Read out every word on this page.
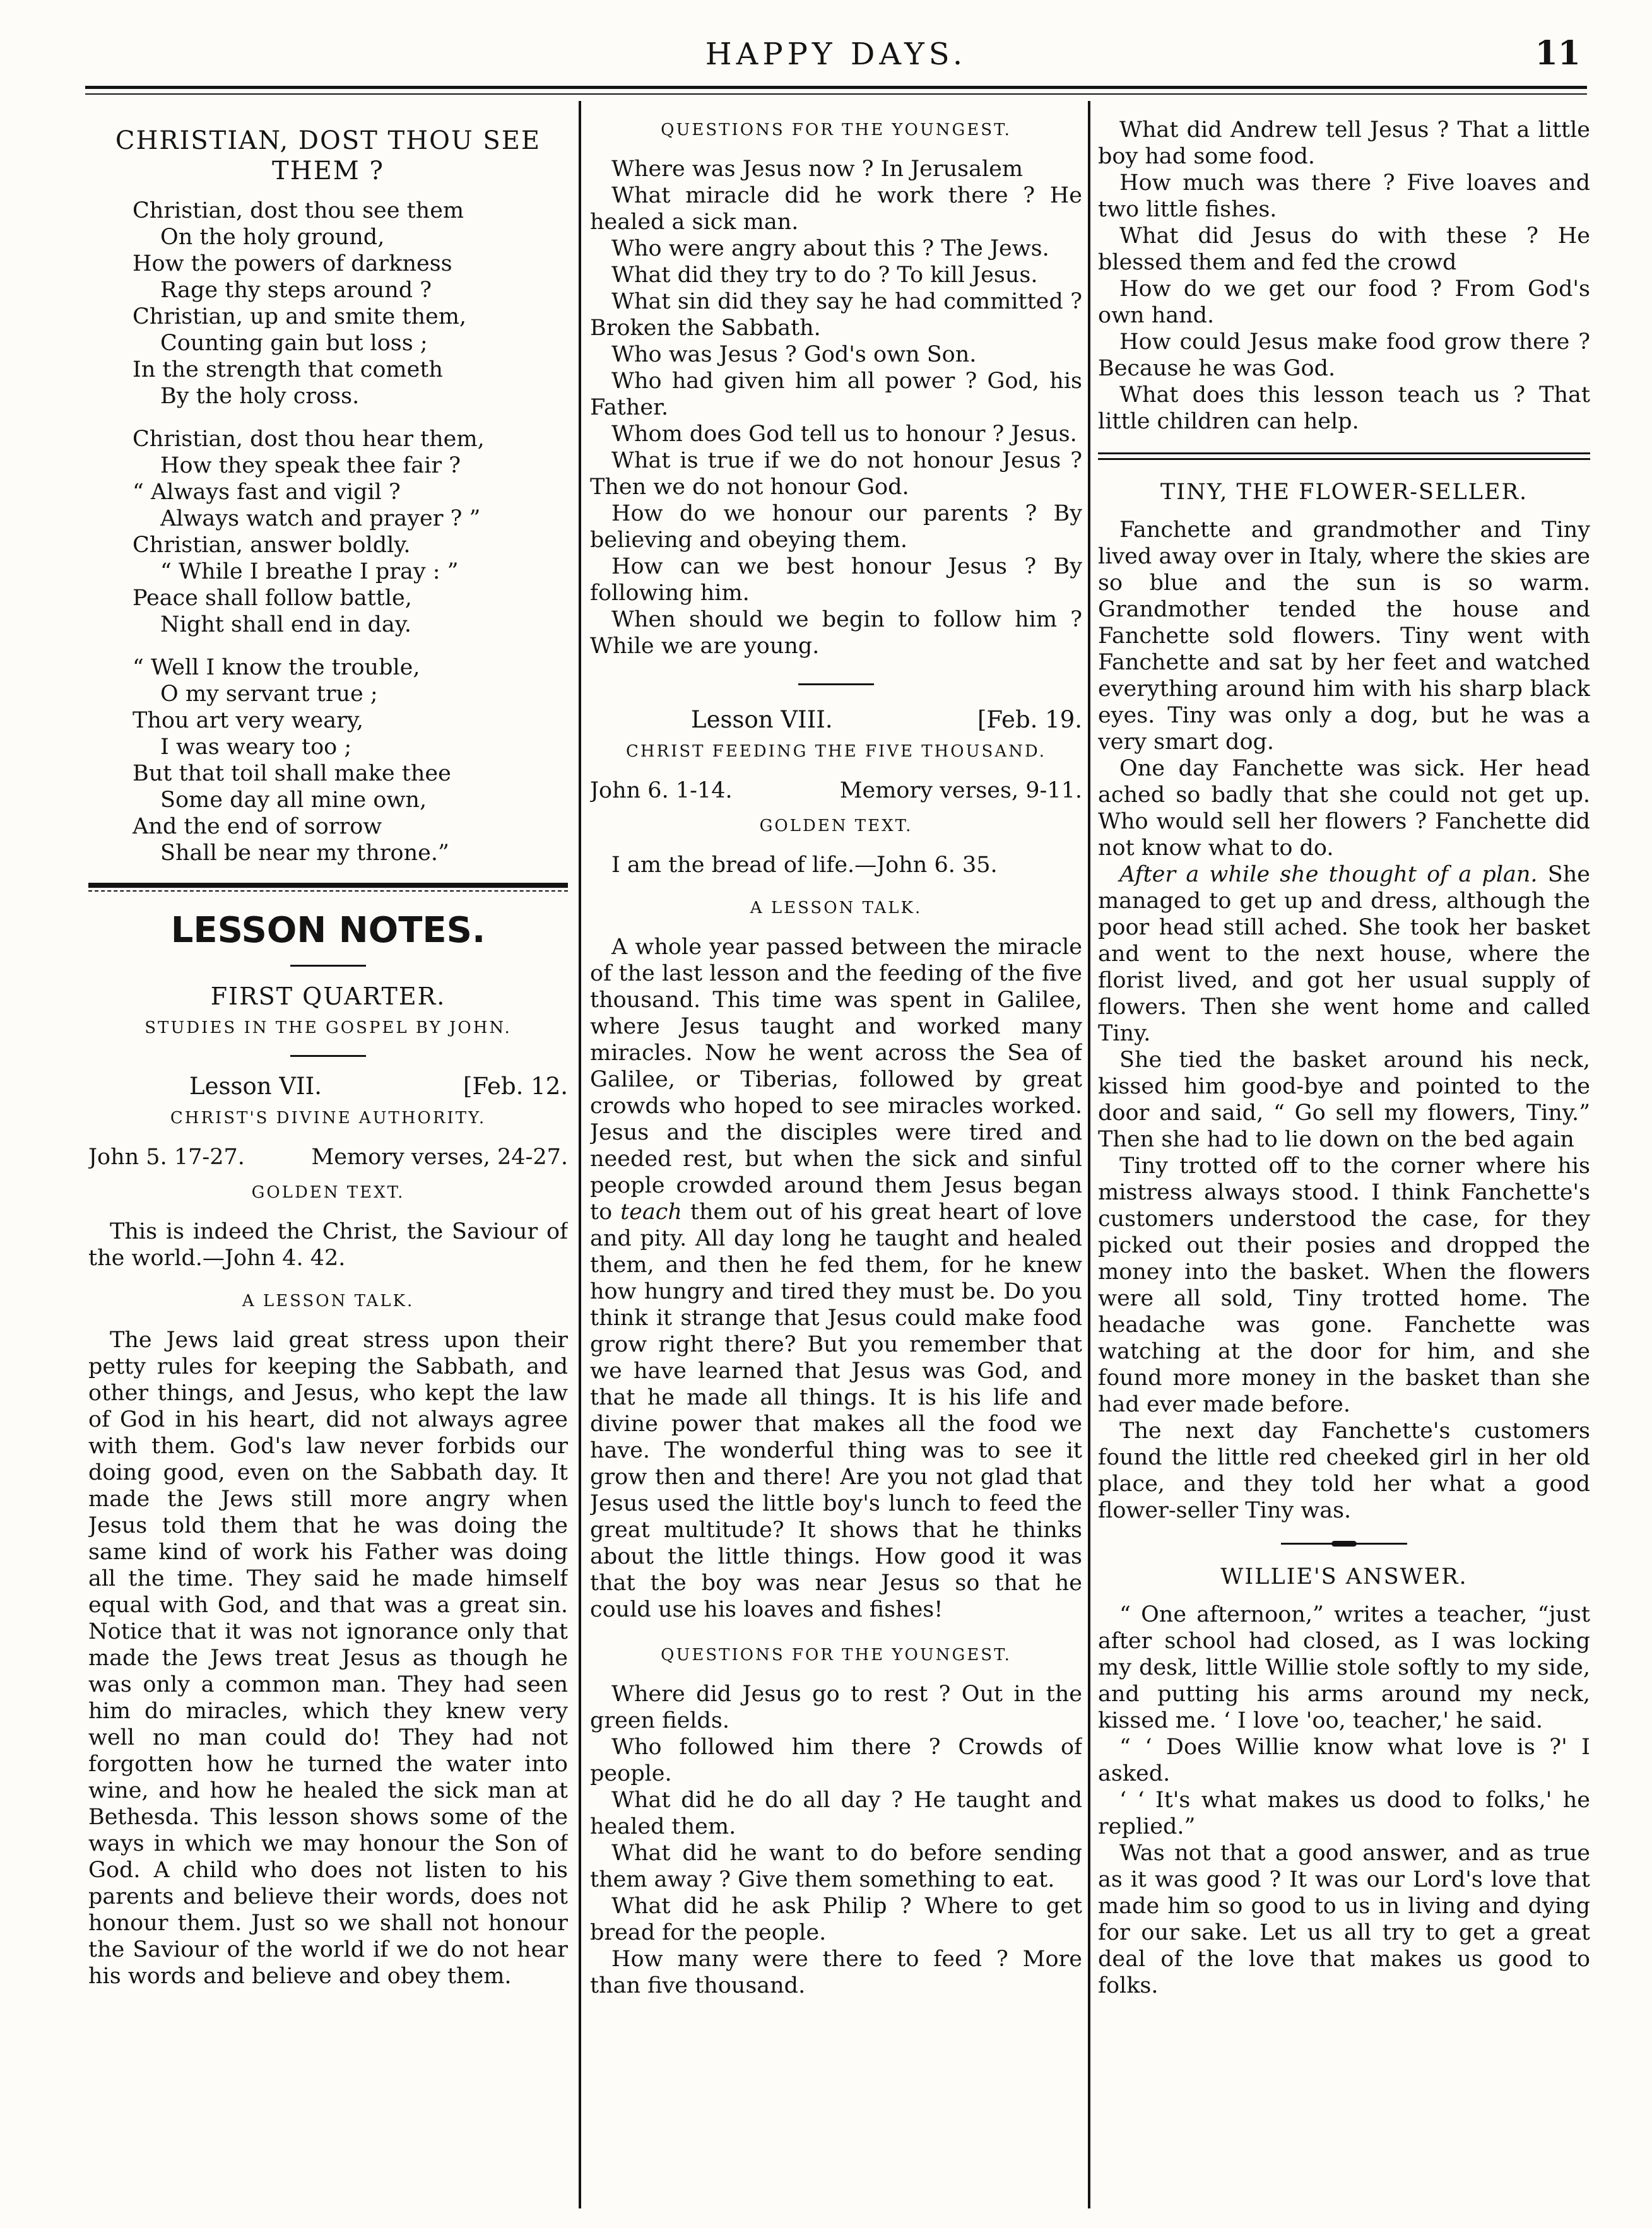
HAPPY DAYS.	11
CHRISTIAN, DOST THOU SEE THEM ?
Christian, dost thou see them
On the holy ground,
How the powers of darkness
Rage thy steps around ?
Christian, up and smite them,
Counting gain but loss ;
In the strength that cometh
By the holy cross.
Christian, dost thou hear them,
How they speak thee fair ?
“ Always fast and vigil ?
Always watch and prayer ? ”
Christian, answer boldly.
“ While I breathe I pray : ”
Peace shall follow battle,
Night shall end in day.
“ Well I know the trouble,
O my servant true ;
Thou art very weary,
I was weary too ;
But that toil shall make thee
Some day all mine own,
And the end of sorrow
Shall be near my throne.”
LESSON NOTES.
FIRST QUARTER.
STUDIES IN THE GOSPEL BY JOHN.
Lesson VII.	[Feb. 12.
CHRIST'S DIVINE AUTHORITY.
John 5. 17-27.	Memory verses, 24-27.
GOLDEN TEXT.

This is indeed the Christ, the Saviour of the world.—John 4. 42.

A LESSON TALK.

The Jews laid great stress upon their petty rules for keeping the Sabbath, and other things, and Jesus, who kept the law of God in his heart, did not always agree with them. God's law never forbids our doing good, even on the Sabbath day. It made the Jews still more angry when Jesus told them that he was doing the same kind of work his Father was doing all the time. They said he made himself equal with God, and that was a great sin. Notice that it was not ignorance only that made the Jews treat Jesus as though he was only a common man. They had seen him do miracles, which they knew very well no man could do! They had not forgotten how he turned the water into wine, and how he healed the sick man at Bethesda. This lesson shows some of the ways in which we may honour the Son of God. A child who does not listen to his parents and believe their words, does not honour them. Just so we shall not honour the Saviour of the world if we do not hear his words and believe and obey them.

QUESTIONS FOR THE YOUNGEST.

Where was Jesus now ? In Jerusalem

What miracle did he work there ? He healed a sick man.

Who were angry about this ? The Jews.

What did they try to do ? To kill Jesus.

What sin did they say he had committed ? Broken the Sabbath.

Who was Jesus ? God's own Son.

Who had given him all power ? God, his Father.

Whom does God tell us to honour ? Jesus.

What is true if we do not honour Jesus ? Then we do not honour God.

How do we honour our parents ? By believing and obeying them.

How can we best honour Jesus ? By following him.

When should we begin to follow him ? While we are young.

Lesson VIII.	[Feb. 19.
CHRIST FEEDING THE FIVE THOUSAND.
John 6. 1-14.	Memory verses, 9-11.
GOLDEN TEXT.

I am the bread of life.—John 6. 35.

A LESSON TALK.

A whole year passed between the miracle of the last lesson and the feeding of the five thousand. This time was spent in Galilee, where Jesus taught and worked many miracles. Now he went across the Sea of Galilee, or Tiberias, followed by great crowds who hoped to see miracles worked. Jesus and the disciples were tired and needed rest, but when the sick and sinful people crowded around them Jesus began to teach them out of his great heart of love and pity. All day long he taught and healed them, and then he fed them, for he knew how hungry and tired they must be. Do you think it strange that Jesus could make food grow right there? But you remember that we have learned that Jesus was God, and that he made all things. It is his life and divine power that makes all the food we have. The wonderful thing was to see it grow then and there! Are you not glad that Jesus used the little boy's lunch to feed the great multitude? It shows that he thinks about the little things. How good it was that the boy was near Jesus so that he could use his loaves and fishes!

QUESTIONS FOR THE YOUNGEST.

Where did Jesus go to rest ? Out in the green fields.

Who followed him there ? Crowds of people.

What did he do all day ? He taught and healed them.

What did he want to do before sending them away ? Give them something to eat.

What did he ask Philip ? Where to get bread for the people.

How many were there to feed ? More than five thousand.

What did Andrew tell Jesus ? That a little boy had some food.

How much was there ? Five loaves and two little fishes.

What did Jesus do with these ? He blessed them and fed the crowd

How do we get our food ? From God's own hand.

How could Jesus make food grow there ? Because he was God.

What does this lesson teach us ? That little children can help.

TINY, THE FLOWER-SELLER.

Fanchette and grandmother and Tiny lived away over in Italy, where the skies are so blue and the sun is so warm. Grandmother tended the house and Fanchette sold flowers. Tiny went with Fanchette and sat by her feet and watched everything around him with his sharp black eyes. Tiny was only a dog, but he was a very smart dog.

One day Fanchette was sick. Her head ached so badly that she could not get up. Who would sell her flowers ? Fanchette did not know what to do.

After a while she thought of a plan. She managed to get up and dress, although the poor head still ached. She took her basket and went to the next house, where the florist lived, and got her usual supply of flowers. Then she went home and called Tiny.

She tied the basket around his neck, kissed him good-bye and pointed to the door and said, “ Go sell my flowers, Tiny.” Then she had to lie down on the bed again

Tiny trotted off to the corner where his mistress always stood. I think Fanchette's customers understood the case, for they picked out their posies and dropped the money into the basket. When the flowers were all sold, Tiny trotted home. The headache was gone. Fanchette was watching at the door for him, and she found more money in the basket than she had ever made before.

The next day Fanchette's customers found the little red cheeked girl in her old place, and they told her what a good flower-seller Tiny was.

WILLIE'S ANSWER.

“ One afternoon,” writes a teacher, “just after school had closed, as I was locking my desk, little Willie stole softly to my side, and putting his arms around my neck, kissed me. ‘ I love 'oo, teacher,' he said.

“ ‘ Does Willie know what love is ?' I asked.

‘ ‘ It's what makes us dood to folks,' he replied.”

Was not that a good answer, and as true as it was good ? It was our Lord's love that made him so good to us in living and dying for our sake. Let us all try to get a great deal of the love that makes us good to folks.
